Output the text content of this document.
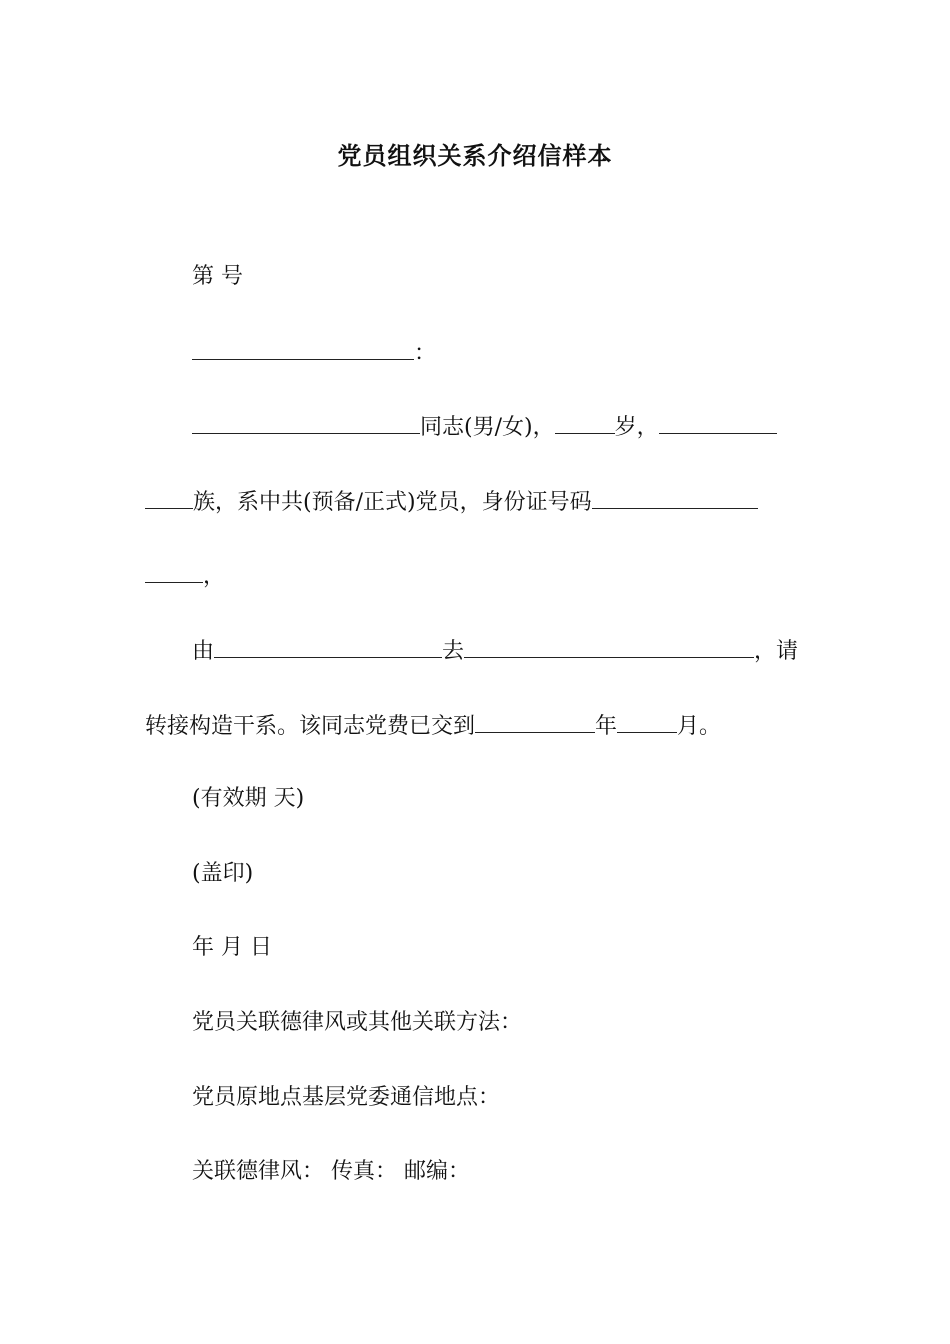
党员组织关系介绍信样本
第 号
：
同志(男/女)，	岁，
族，系中共(预备/正式)党员，身份证号码
，
由	去	，请
转接构造干系。该同志党费已交到	年	月。
(有效期 天)
(盖印)
年 月 日
党员关联德律风或其他关联方法：
党员原地点基层党委通信地点：
关联德律风： 传真： 邮编：
